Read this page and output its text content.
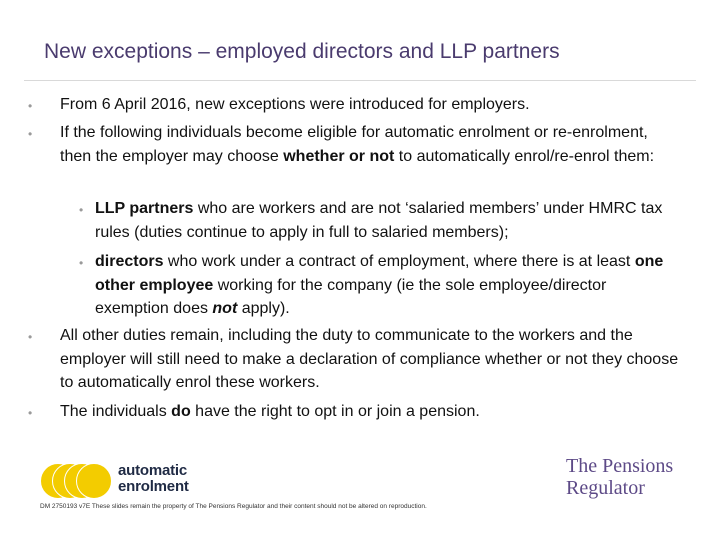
New exceptions – employed directors and LLP partners
• From 6 April 2016, new exceptions were introduced for employers.
• If the following individuals become eligible for automatic enrolment or re-enrolment, then the employer may choose whether or not to automatically enrol/re-enrol them:
• LLP partners who are workers and are not ‘salaried members’ under HMRC tax rules (duties continue to apply in full to salaried members);
• directors who work under a contract of employment, where there is at least one other employee working for the company (ie the sole employee/director exemption does not apply).
• All other duties remain, including the duty to communicate to the workers and the employer will still need to make a declaration of compliance whether or not they choose to automatically enrol these workers.
• The individuals do have the right to opt in or join a pension.
automatic
enrolment
The Pensions
Regulator
DM 2750193 v7E These slides remain the property of The Pensions Regulator and their content should not be altered on reproduction.
